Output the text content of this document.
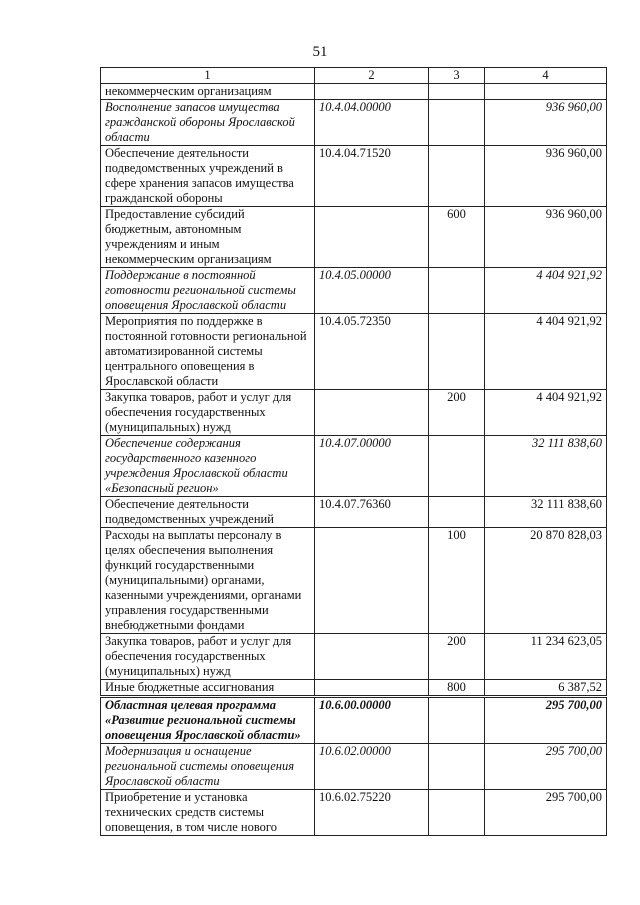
51
1	2	3	4
некоммерческим организациям			
Восполнение запасов имущества гражданской обороны Ярославской области	10.4.04.00000		936 960,00
Обеспечение деятельности подведомственных учреждений в сфере хранения запасов имущества гражданской обороны	10.4.04.71520		936 960,00
Предоставление субсидий бюджетным, автономным учреждениям и иным некоммерческим организациям		600	936 960,00
Поддержание в постоянной готовности региональной системы оповещения Ярославской области	10.4.05.00000		4 404 921,92
Мероприятия по поддержке в постоянной готовности региональной автоматизированной системы центрального оповещения в Ярославской области	10.4.05.72350		4 404 921,92
Закупка товаров, работ и услуг для обеспечения государственных (муниципальных) нужд		200	4 404 921,92
Обеспечение содержания государственного казенного учреждения Ярославской области «Безопасный регион»	10.4.07.00000		32 111 838,60
Обеспечение деятельности подведомственных учреждений	10.4.07.76360		32 111 838,60
Расходы на выплаты персоналу в целях обеспечения выполнения функций государственными (муниципальными) органами, казенными учреждениями, органами управления государственными внебюджетными фондами		100	20 870 828,03
Закупка товаров, работ и услуг для обеспечения государственных (муниципальных) нужд		200	11 234 623,05
Иные бюджетные ассигнования		800	6 387,52
Областная целевая программа «Развитие региональной системы оповещения Ярославской области»	10.6.00.00000		295 700,00
Модернизация и оснащение региональной системы оповещения Ярославской области	10.6.02.00000		295 700,00
Приобретение и установка технических средств системы оповещения, в том числе нового	10.6.02.75220		295 700,00
